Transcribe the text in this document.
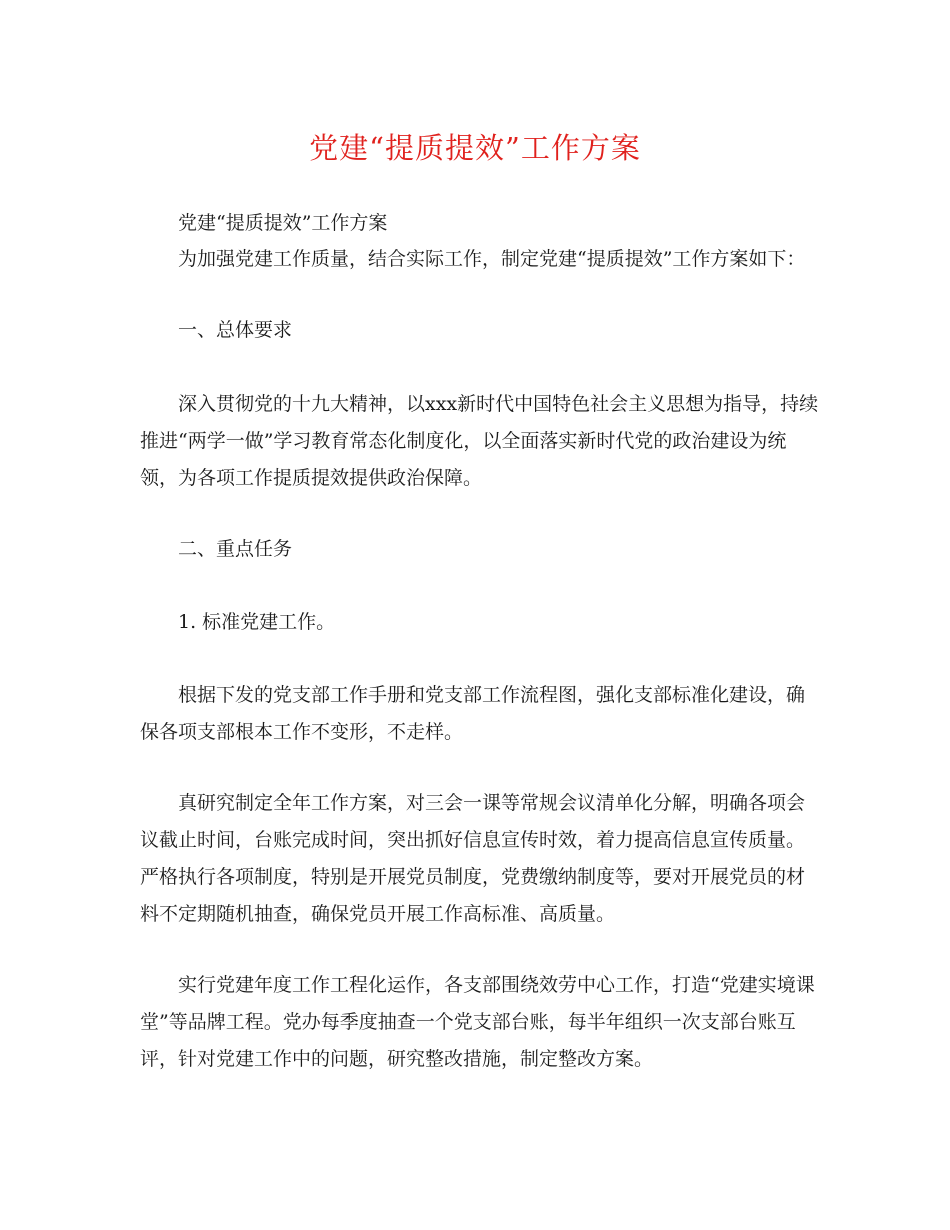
党建“提质提效”工作方案
党建“提质提效”工作方案
为加强党建工作质量，结合实际工作，制定党建“提质提效”工作方案如下：
一、总体要求
深入贯彻党的十九大精神，以xxx新时代中国特色社会主义思想为指导，持续推进“两学一做”学习教育常态化制度化，以全面落实新时代党的政治建设为统领，为各项工作提质提效提供政治保障。
二、重点任务
1. 标准党建工作。
根据下发的党支部工作手册和党支部工作流程图，强化支部标准化建设，确保各项支部根本工作不变形，不走样。
真研究制定全年工作方案，对三会一课等常规会议清单化分解，明确各项会议截止时间，台账完成时间，突出抓好信息宣传时效，着力提高信息宣传质量。严格执行各项制度，特别是开展党员制度，党费缴纳制度等，要对开展党员的材料不定期随机抽查，确保党员开展工作高标准、高质量。
实行党建年度工作工程化运作，各支部围绕效劳中心工作，打造“党建实境课堂”等品牌工程。党办每季度抽查一个党支部台账，每半年组织一次支部台账互评，针对党建工作中的问题，研究整改措施，制定整改方案。
